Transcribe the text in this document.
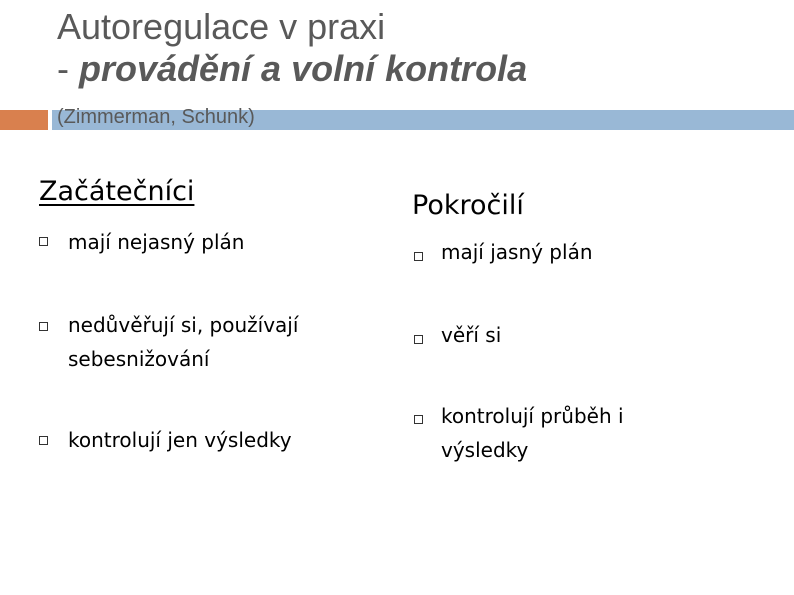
Autoregulace v praxi
- provádění a volní kontrola
(Zimmerman, Schunk)
Začátečníci
mají nejasný plán
nedůvěřují si, používají
sebesnižování
kontrolují jen výsledky
Pokročilí
mají jasný plán
věří si
kontrolují průběh i
výsledky
